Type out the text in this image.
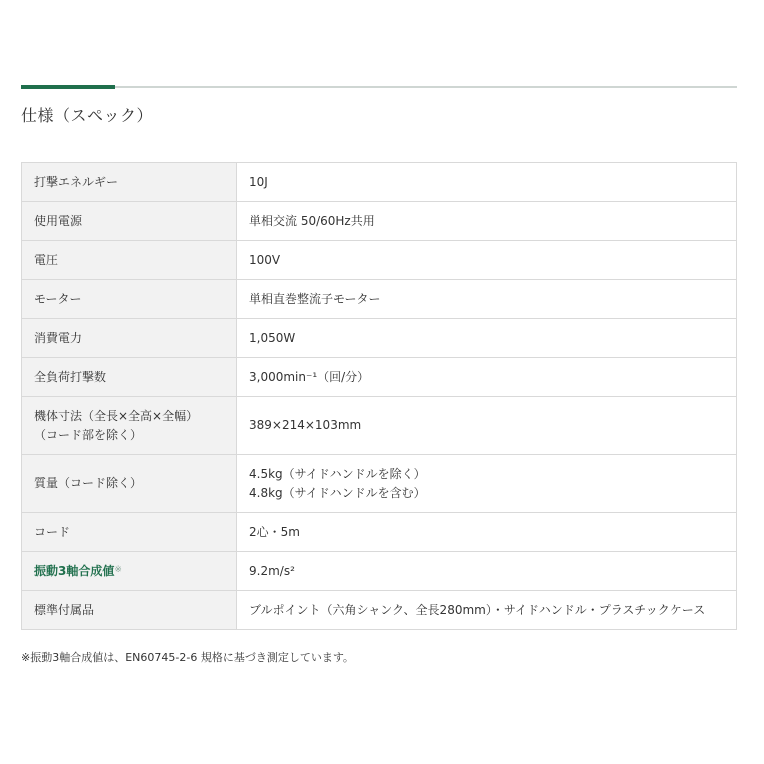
仕様（スペック）
打撃エネルギー	10J
使用電源	単相交流 50/60Hz共用
電圧	100V
モーター	単相直巻整流子モーター
消費電力	1,050W
全負荷打撃数	3,000min⁻¹（回/分）

機体寸法（全長×全高×全幅）
（コード部を除く）	389×214×103mm
質量（コード除く）	4.5kg（サイドハンドルを除く）
4.8kg（サイドハンドルを含む）

コード	2心・5m
振動3軸合成値※	9.2m/s²
標準付属品	ブルポイント（六角シャンク、全長280mm）・サイドハンドル・プラスチックケース
※振動3軸合成値は、EN60745-2-6 規格に基づき測定しています。
